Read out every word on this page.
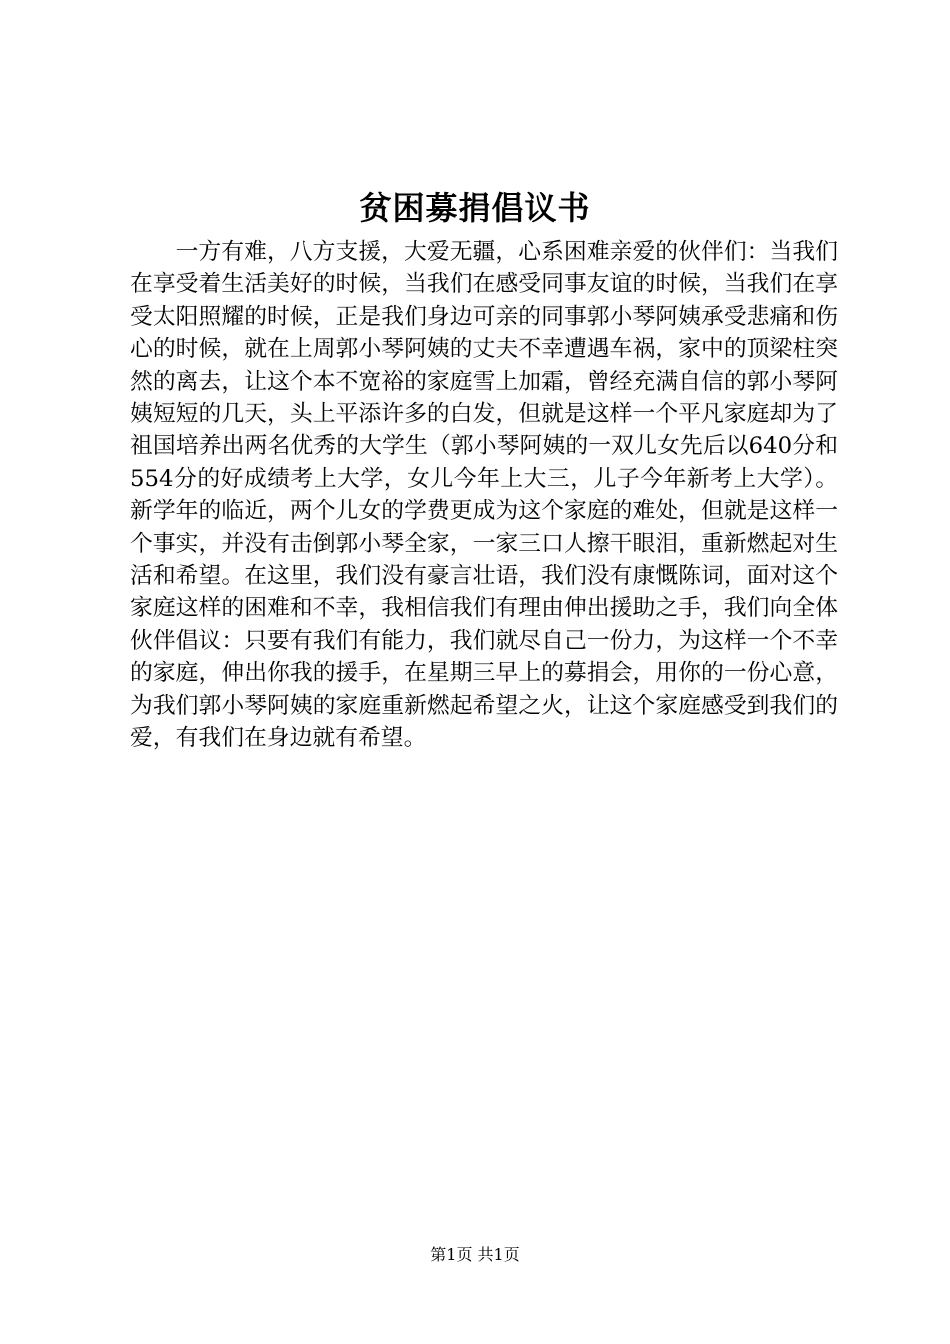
贫困募捐倡议书

一方有难，八方支援，大爱无疆，心系困难亲爱的伙伴们：当我们在享受着生活美好的时候，当我们在感受同事友谊的时候，当我们在享受太阳照耀的时候，正是我们身边可亲的同事郭小琴阿姨承受悲痛和伤心的时候，就在上周郭小琴阿姨的丈夫不幸遭遇车祸，家中的顶梁柱突然的离去，让这个本不宽裕的家庭雪上加霜，曾经充满自信的郭小琴阿姨短短的几天，头上平添许多的白发，但就是这样一个平凡家庭却为了祖国培养出两名优秀的大学生（郭小琴阿姨的一双儿女先后以640分和554分的好成绩考上大学，女儿今年上大三，儿子今年新考上大学）。新学年的临近，两个儿女的学费更成为这个家庭的难处，但就是这样一个事实，并没有击倒郭小琴全家，一家三口人擦干眼泪，重新燃起对生活和希望。在这里，我们没有豪言壮语，我们没有康慨陈词，面对这个家庭这样的困难和不幸，我相信我们有理由伸出援助之手，我们向全体伙伴倡议：只要有我们有能力，我们就尽自己一份力，为这样一个不幸的家庭，伸出你我的援手，在星期三早上的募捐会，用你的一份心意，为我们郭小琴阿姨的家庭重新燃起希望之火，让这个家庭感受到我们的爱，有我们在身边就有希望。

第1页 共1页
